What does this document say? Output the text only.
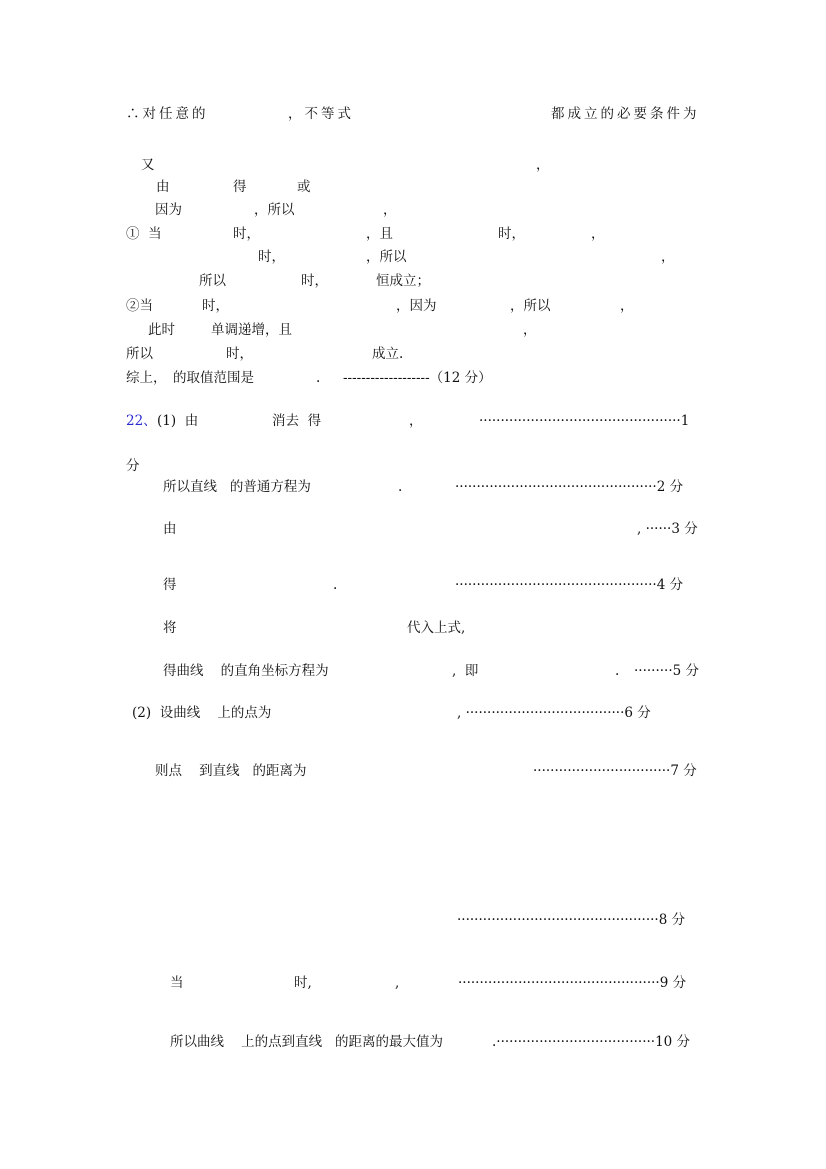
∴对任意的	，不等式	都成立的必要条件为
又	，
由	得	或
因为	，所以	，
①  当	时，	，且	时，	，
时，	，所以	，
所以	时，	恒成立；
②当	时，	，因为	，所以	，
此时	单调递增，且	，
所以	时，	成立.
综上， 的取值范围是	. -------------------（12 分）
22、 (1)  由	消去  得	，	···············································1
分
所以直线   的普通方程为	.	···············································2 分
由	, ······3 分
得	.	···············································4 分
将	代入上式,
得曲线    的直角坐标方程为	,  即	. ·········5 分
(2)  设曲线    上的点为	, ·····································6 分
则点    到直线   的距离为	································7 分
···············································8 分
当	时,	,	···············································9 分
所以曲线    上的点到直线   的距离的最大值为	.·····································10 分
